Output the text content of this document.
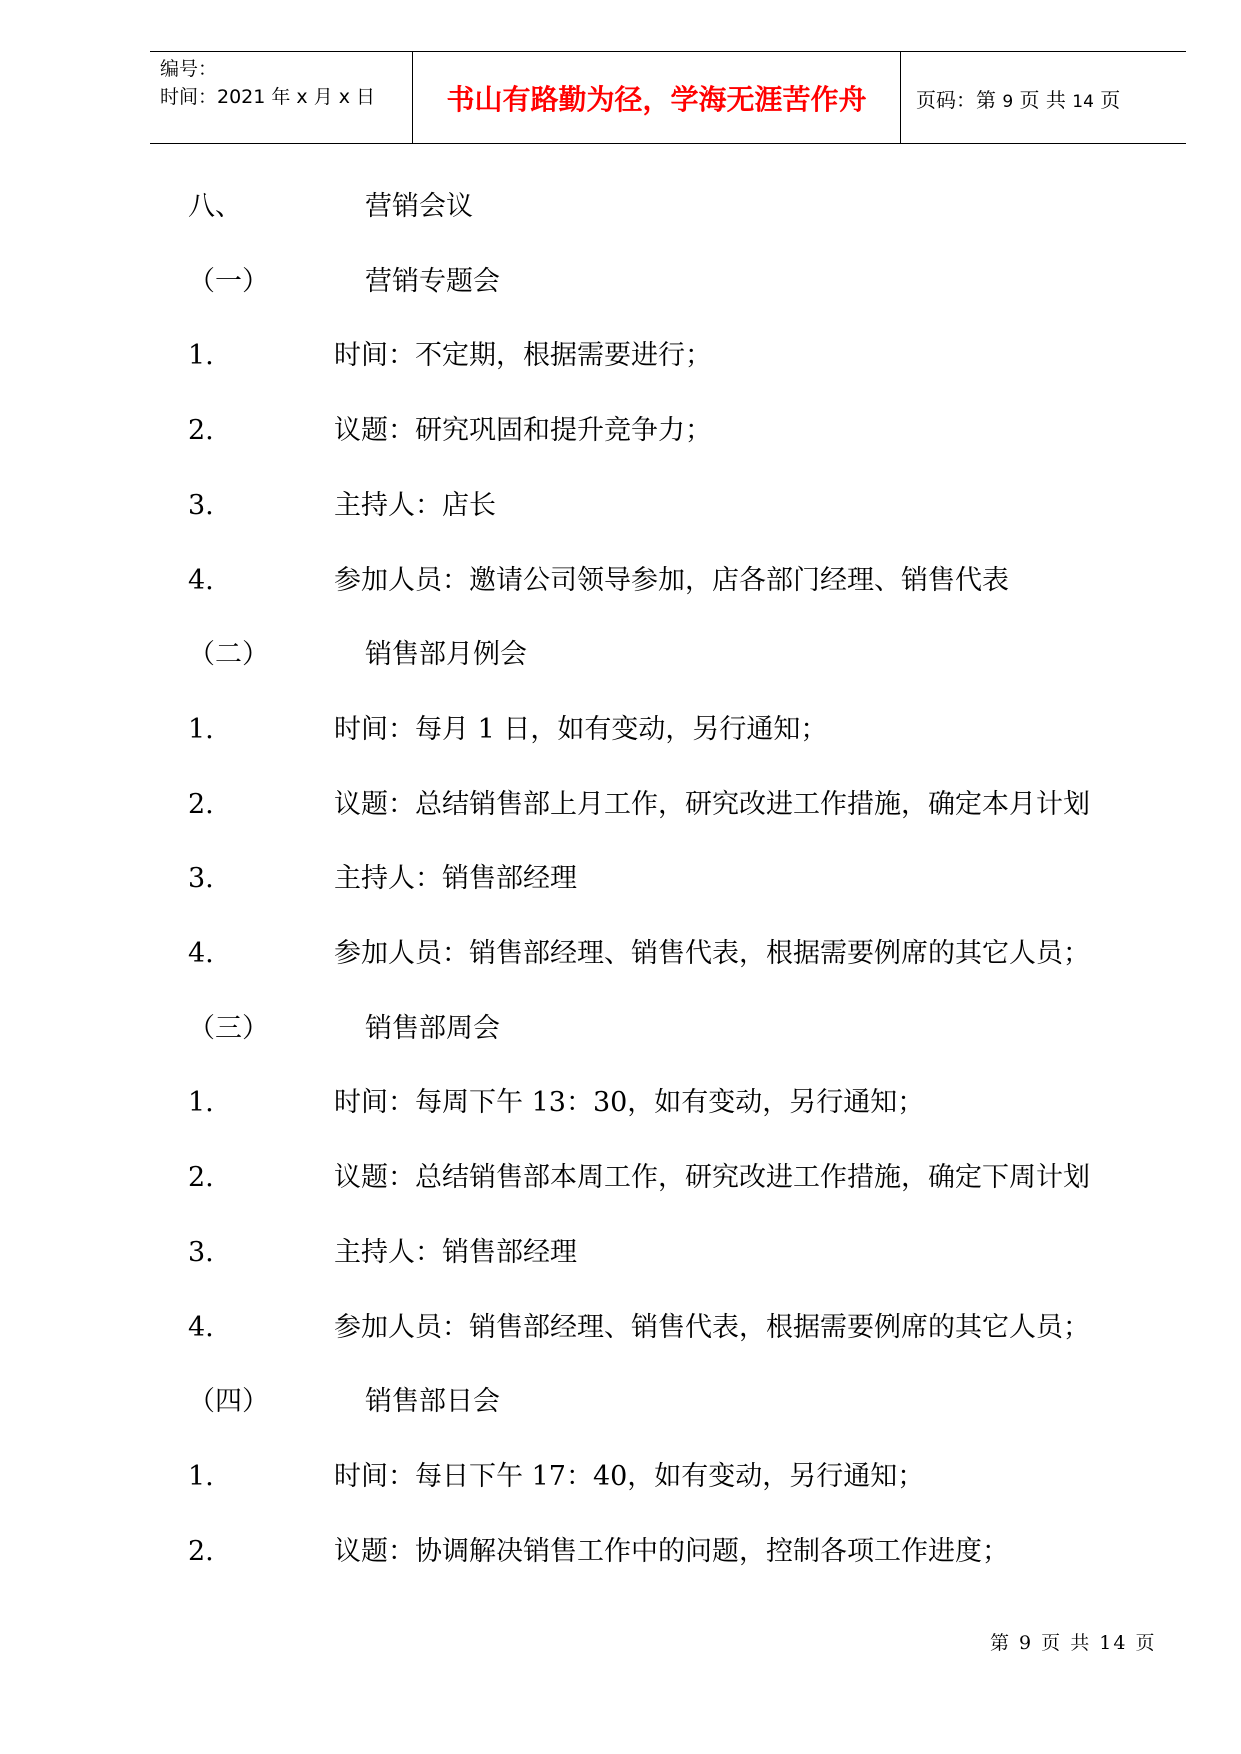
编号：
时间：2021 年 x 月 x 日	书山有路勤为径，学海无涯苦作舟	页码：第 9 页 共 14 页
八、	营销会议
（一）	营销专题会
1.	时间：不定期，根据需要进行；
2.	议题：研究巩固和提升竞争力；
3.	主持人：店长
4.	参加人员：邀请公司领导参加，店各部门经理、销售代表
（二）	销售部月例会
1.	时间：每月 1 日，如有变动，另行通知；
2.	议题：总结销售部上月工作，研究改进工作措施，确定本月计划
3.	主持人：销售部经理
4.	参加人员：销售部经理、销售代表，根据需要例席的其它人员；
（三）	销售部周会
1.	时间：每周下午 13：30，如有变动，另行通知；
2.	议题：总结销售部本周工作，研究改进工作措施，确定下周计划
3.	主持人：销售部经理
4.	参加人员：销售部经理、销售代表，根据需要例席的其它人员；
（四）	销售部日会
1.	时间：每日下午 17：40，如有变动，另行通知；
2.	议题：协调解决销售工作中的问题，控制各项工作进度；
第 9 页 共 14 页
